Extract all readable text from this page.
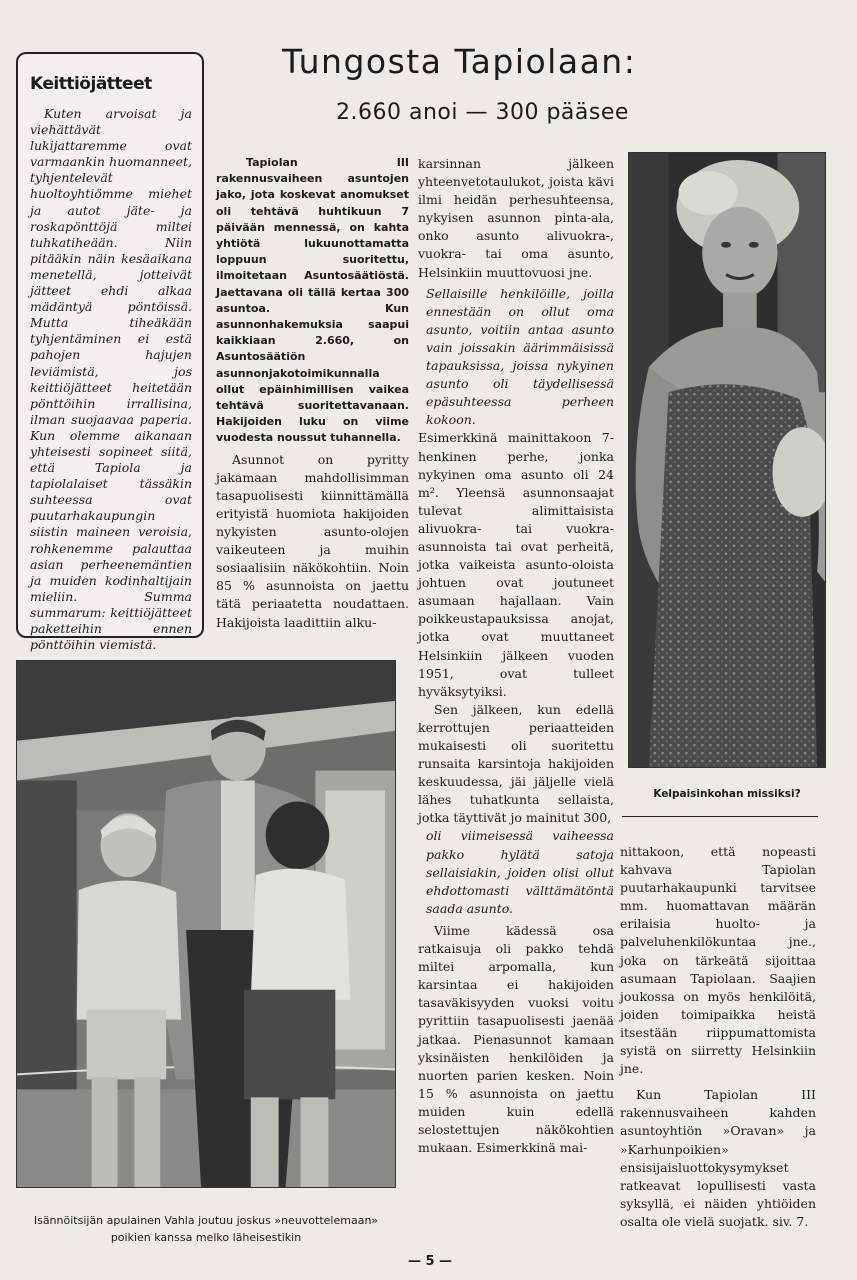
Keittiöjätteet

Kuten arvoisat ja viehättävät lukijattaremme ovat varmaankin huomanneet, tyhjentelevät huoltoyhtiömme miehet ja autot jäte- ja roskapönttöjä miltei tuhkatiheään. Niin pitääkin näin kesäaikana menetellä, jotteivät jätteet ehdi alkaa mädäntyä pöntöissä. Mutta tiheäkään tyhjentäminen ei estä pahojen hajujen leviämistä, jos keittiöjätteet heitetään pönttöihin irrallisina, ilman suojaavaa paperia. Kun olemme aikanaan yhteisesti sopineet siitä, että Tapiola ja tapiolalaiset tässäkin suhteessa ovat puutarhakaupungin siistin maineen veroisia, rohkenemme palauttaa asian perheenemäntien ja muiden kodinhaltijain mieliin. Summa summarum: keittiöjätteet paketteihin ennen pönttöihin viemistä.

Tungosta Tapiolaan:
2.660 anoi — 300 pääsee

Tapiolan III rakennusvaiheen asuntojen jako, jota koskevat anomukset oli tehtävä huhtikuun 7 päivään mennessä, on kahta yhtiötä lukuunottamatta loppuun suoritettu, ilmoitetaan Asuntosäätiöstä. Jaettavana oli tällä kertaa 300 asuntoa. Kun asunnonhakemuksia saapui kaikkiaan 2.660, on Asuntosäätiön asunnonjakotoimikunnalla ollut epäinhimillisen vaikea tehtävä suoritettavanaan. Hakijoiden luku on viime vuodesta noussut tuhannella.

Asunnot on pyritty jakamaan mahdollisimman tasapuolisesti kiinnittämällä erityistä huomiota hakijoiden nykyisten asunto-olojen vaikeuteen ja muihin sosiaalisiin näkökohtiin. Noin 85 % asunnoista on jaettu tätä periaatetta noudattaen. Hakijoista laadittiin alku-

karsinnan jälkeen yhteenvetotaulukot, joista kävi ilmi heidän perhesuhteensa, nykyisen asunnon pinta-ala, onko asunto alivuokra-, vuokra- tai oma asunto, Helsinkiin muuttovuosi jne.

Sellaisille henkilöille, joilla ennestään on ollut oma asunto, voitiin antaa asunto vain joissakin äärimmäisissä tapauksissa, joissa nykyinen asunto oli täydellisessä epäsuhteessa perheen kokoon.

Esimerkkinä mainittakoon 7-henkinen perhe, jonka nykyinen oma asunto oli 24 m². Yleensä asunnonsaajat tulevat alimittaisista alivuokra- tai vuokra-asunnoista tai ovat perheitä, jotka vaikeista asunto-oloista johtuen ovat joutuneet asumaan hajallaan. Vain poikkeustapauksissa anojat, jotka ovat muuttaneet Helsinkiin jälkeen vuoden 1951, ovat tulleet hyväksytyiksi.

Sen jälkeen, kun edellä kerrottujen periaatteiden mukaisesti oli suoritettu runsaita karsintoja hakijoiden keskuudessa, jäi jäljelle vielä lähes tuhatkunta sellaista, jotka täyttivät jo mainitut 300,

oli viimeisessä vaiheessa pakko hylätä satoja sellaisiakin, joiden olisi ollut ehdottomasti välttämätöntä saada asunto.

Viime kädessä osa ratkaisuja oli pakko tehdä miltei arpomalla, kun karsintaa ei hakijoiden tasaväkisyyden vuoksi voitu pyrittiin tasapuolisesti jaenää jatkaa. Pienasunnot kamaan yksinäisten henkilöiden ja nuorten parien kesken. Noin 15 % asunnoista on jaettu muiden kuin edellä selostettujen näkökohtien mukaan. Esimerkkinä mai-

nittakoon, että nopeasti kahvava Tapiolan puutarhakaupunki tarvitsee mm. huomattavan määrän erilaisia huolto- ja palveluhenkilökuntaa jne., joka on tärkeätä sijoittaa asumaan Tapiolaan. Saajien joukossa on myös henkilöitä, joiden toimipaikka heistä itsestään riippumattomista syistä on siirretty Helsinkiin jne.

Kun Tapiolan III rakennusvaiheen kahden asuntoyhtiön »Oravan» ja »Karhunpoikien» ensisijaisluottokysymykset ratkeavat lopullisesti vasta syksyllä, ei näiden yhtiöiden osalta ole vielä suojatk. siv. 7.

Kelpaisinkohan missiksi?
Isännöitsijän apulainen Vahla joutuu joskus »neuvottelemaan» poikien kanssa melko läheisestikin
— 5 —
